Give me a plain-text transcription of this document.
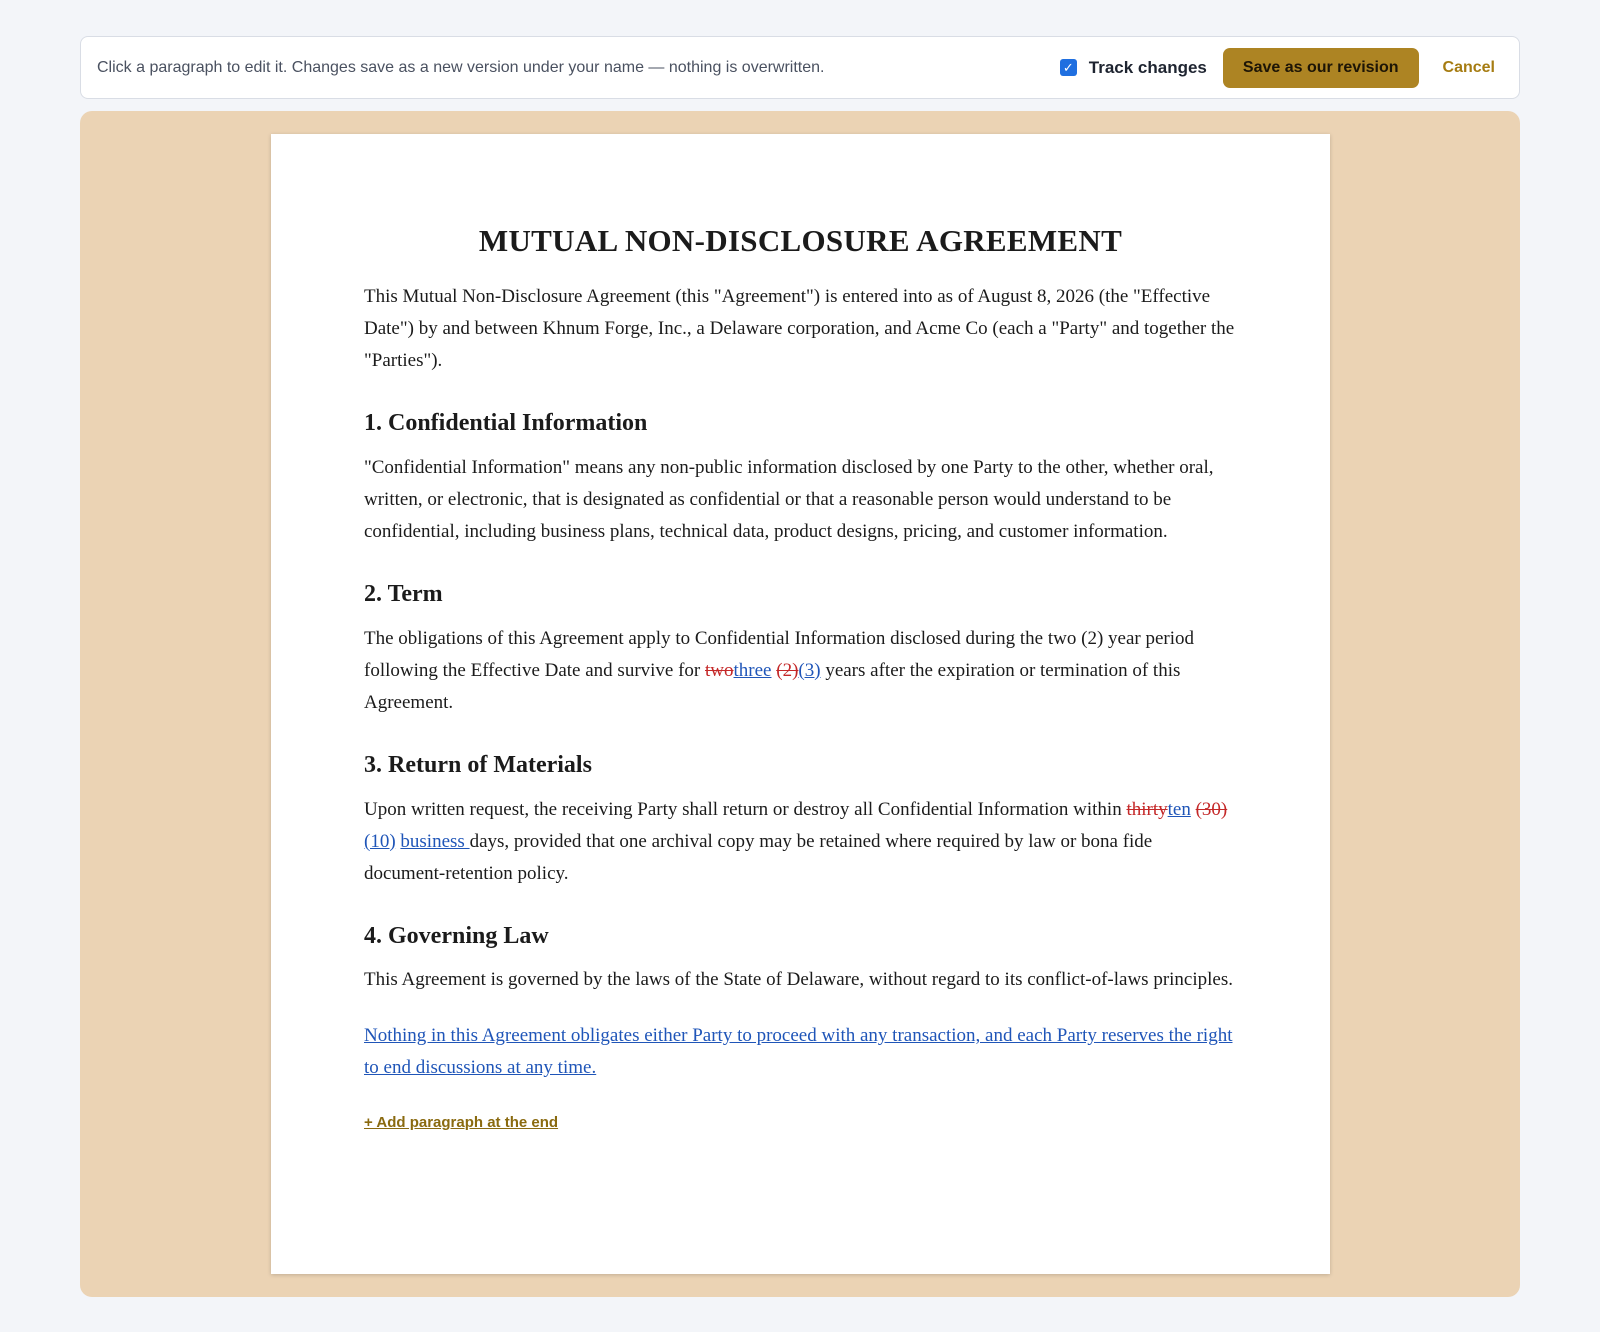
Click a paragraph to edit it. Changes save as a new version under your name — nothing is overwritten.	✓ Track changes	Save as our revision	Cancel
MUTUAL NON-DISCLOSURE AGREEMENT

This Mutual Non-Disclosure Agreement (this "Agreement") is entered into as of August 8, 2026 (the "Effective Date") by and between Khnum Forge, Inc., a Delaware corporation, and Acme Co (each a "Party" and together the "Parties").

1. Confidential Information

"Confidential Information" means any non-public information disclosed by one Party to the other, whether oral, written, or electronic, that is designated as confidential or that a reasonable person would understand to be confidential, including business plans, technical data, product designs, pricing, and customer information.

2. Term

The obligations of this Agreement apply to Confidential Information disclosed during the two (2) year period following the Effective Date and survive for twothree (2)(3) years after the expiration or termination of this Agreement.

3. Return of Materials

Upon written request, the receiving Party shall return or destroy all Confidential Information within thirtyten (30)(10) business days, provided that one archival copy may be retained where required by law or bona fide document-retention policy.

4. Governing Law

This Agreement is governed by the laws of the State of Delaware, without regard to its conflict-of-laws principles.

Nothing in this Agreement obligates either Party to proceed with any transaction, and each Party reserves the right to end discussions at any time.

+ Add paragraph at the end
